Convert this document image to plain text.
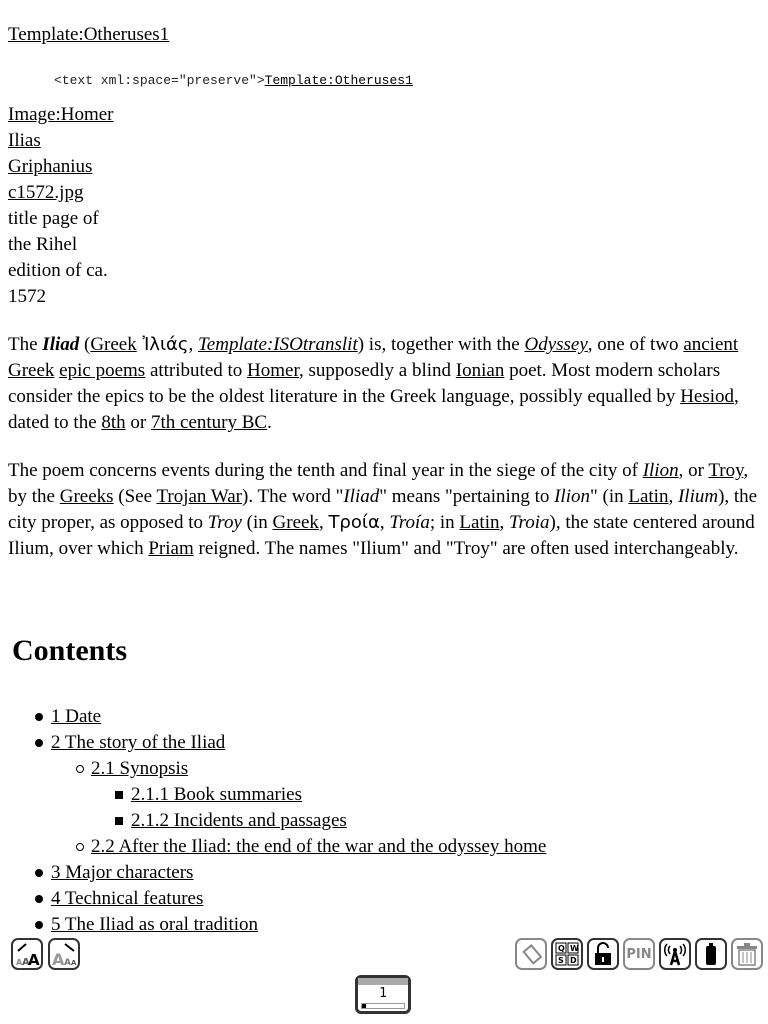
Template:Otheruses1
<text xml:space="preserve">Template:Otheruses1
Image:Homer
Ilias
Griphanius
c1572.jpg
title page of
the Rihel
edition of ca.
1572

The Iliad (Greek Ἰλιάς, Template:ISOtranslit) is, together with the Odyssey, one of two ancient Greek epic poems attributed to Homer, supposedly a blind Ionian poet. Most modern scholars consider the epics to be the oldest literature in the Greek language, possibly equalled by Hesiod, dated to the 8th or 7th century BC.

The poem concerns events during the tenth and final year in the siege of the city of Ilion, or Troy, by the Greeks (See Trojan War). The word "Iliad" means "pertaining to Ilion" (in Latin, Ilium), the city proper, as opposed to Troy (in Greek, Τροία, Troía; in Latin, Troia), the state centered around Ilium, over which Priam reigned. The names "Ilium" and "Troy" are often used interchangeably.

Contents
1 Date
2 The story of the Iliad
2.1 Synopsis
2.1.1 Book summaries
2.1.2 Incidents and passages
2.2 After the Iliad: the end of the war and the odyssey home
3 Major characters
4 Technical features
5 The Iliad as oral tradition
A A
A A A A
Q W
S D	PIN
1
